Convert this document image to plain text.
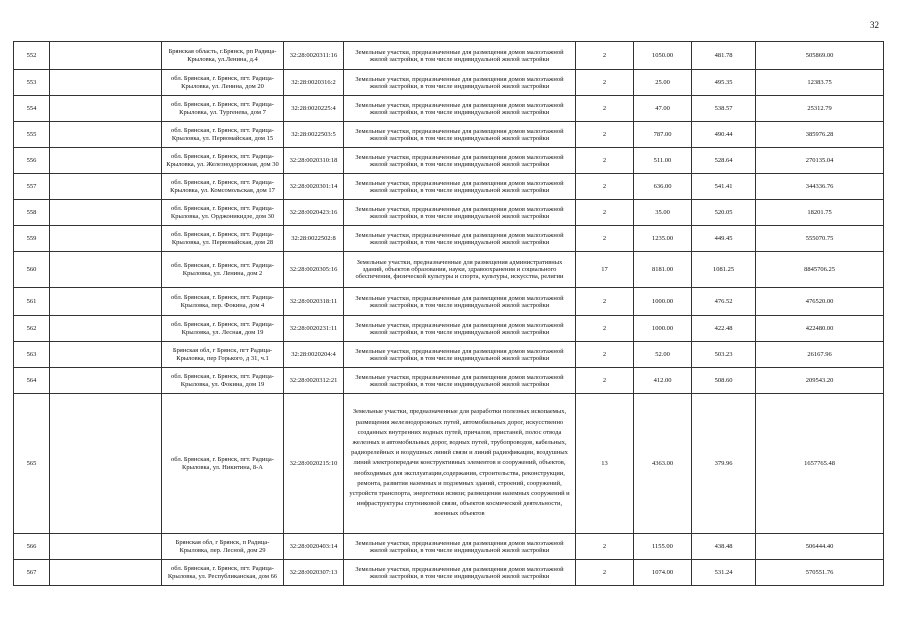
32
552		Брянская область, г.Брянск, рп Радица-Крыловка, ул.Ленина, д.4	32:28:0020311:16	Земельные участки, предназначенные для размещения домов малоэтажной жилой застройки, в том числе индивидуальной жилой застройки	2	1050.00	481.78	505869.00
553		обл. Брянская, г. Брянск, пгт. Радица-Крыловка, ул. Ленина, дом 20	32:28:0020316:2	Земельные участки, предназначенные для размещения домов малоэтажной жилой застройки, в том числе индивидуальной жилой застройки	2	25.00	495.35	12383.75
554		обл. Брянская, г. Брянск, пгт. Радица-Крыловка, ул. Тургенева, дом 7	32:28:0020225:4	Земельные участки, предназначенные для размещения домов малоэтажной жилой застройки, в том числе индивидуальной жилой застройки	2	47.00	538.57	25312.79
555		обл. Брянская, г. Брянск, пгт. Радица-Крыловка, ул. Первомайская, дом 15	32:28:0022503:5	Земельные участки, предназначенные для размещения домов малоэтажной жилой застройки, в том числе индивидуальной жилой застройки	2	787.00	490.44	385976.28
556		обл. Брянская, г. Брянск, пгт. Радица-Крыловка, ул. Железнодорожная, дом 30	32:28:0020310:18	Земельные участки, предназначенные для размещения домов малоэтажной жилой застройки, в том числе индивидуальной жилой застройки	2	511.00	528.64	270135.04
557		обл. Брянская, г. Брянск, пгт. Радица-Крыловка, ул. Комсомольская, дом 17	32:28:0020301:14	Земельные участки, предназначенные для размещения домов малоэтажной жилой застройки, в том числе индивидуальной жилой застройки	2	636.00	541.41	344336.76
558		обл. Брянская, г. Брянск, пгт. Радица-Крыловка, ул. Орджоникидзе, дом 30	32:28:0020423:16	Земельные участки, предназначенные для размещения домов малоэтажной жилой застройки, в том числе индивидуальной жилой застройки	2	35.00	520.05	18201.75
559		обл. Брянская, г. Брянск, пгт. Радица-Крыловка, ул. Первомайская, дом 28	32:28:0022502:8	Земельные участки, предназначенные для размещения домов малоэтажной жилой застройки, в том числе индивидуальной жилой застройки	2	1235.00	449.45	555070.75
560		обл. Брянская, г. Брянск, пгт. Радица-Крыловка, ул. Ленина, дом 2	32:28:0020305:16	Земельные участки, предназначенные для размещения административных зданий, объектов образования, науки, здравоохранения и социального обеспечения, физической культуры и спорта, культуры, искусства, религии	17	8181.00	1081.25	8845706.25
561		обл. Брянская, г. Брянск, пгт. Радица-Крыловка, пер. Фокина, дом 4	32:28:0020318:11	Земельные участки, предназначенные для размещения домов малоэтажной жилой застройки, в том числе индивидуальной жилой застройки	2	1000.00	476.52	476520.00
562		обл. Брянская, г. Брянск, пгт. Радица-Крыловка, ул. Лесная, дом 19	32:28:0020231:11	Земельные участки, предназначенные для размещения домов малоэтажной жилой застройки, в том числе индивидуальной жилой застройки	2	1000.00	422.48	422480.00
563		Брянская обл, г Брянск, пгт Радица-Крыловка, пер Горького, д 31, ч.1	32:28:0020204:4	Земельные участки, предназначенные для размещения домов малоэтажной жилой застройки, в том числе индивидуальной жилой застройки	2	52.00	503.23	26167.96
564		обл. Брянская, г. Брянск, пгт. Радица-Крыловка, ул. Фокина, дом 19	32:28:0020312:21	Земельные участки, предназначенные для размещения домов малоэтажной жилой застройки, в том числе индивидуальной жилой застройки	2	412.00	508.60	209543.20
565		обл. Брянская, г. Брянск, пгт. Радица-Крыловка, ул. Никитина, 8-А	32:28:0020215:10	Земельные участки, предназначенные для разработки полезных ископаемых, размещения железнодорожных путей, автомобильных дорог, искусственно созданных внутренних водных путей, причалов, пристаней, полос отвода железных и автомобильных дорог, водных путей, трубопроводов, кабельных, радиорелейных и воздушных линий связи и линий радиофикации, воздушных линий электропередачи конструктивных элементов и сооружений, объектов, необходимых для эксплуатации,содержания, строительства, реконструкции, ремонта, развития наземных и подземных зданий, строений, сооружений, устройств транспорта, энергетики исвязи; размещения наземных сооружений и инфраструктуры спутниковой связи, объектов космической деятельности, военных объектов	13	4363.00	379.96	1657765.48
566		Брянская обл, г Брянск, п Радица-Крыловка, пер. Лесной, дом 29	32:28:0020403:14	Земельные участки, предназначенные для размещения домов малоэтажной жилой застройки, в том числе индивидуальной жилой застройки	2	1155.00	438.48	506444.40
567		обл. Брянская, г. Брянск, пгт. Радица-Крыловка, ул. Республиканская, дом 66	32:28:0020307:13	Земельные участки, предназначенные для размещения домов малоэтажной жилой застройки, в том числе индивидуальной жилой застройки	2	1074.00	531.24	570551.76
